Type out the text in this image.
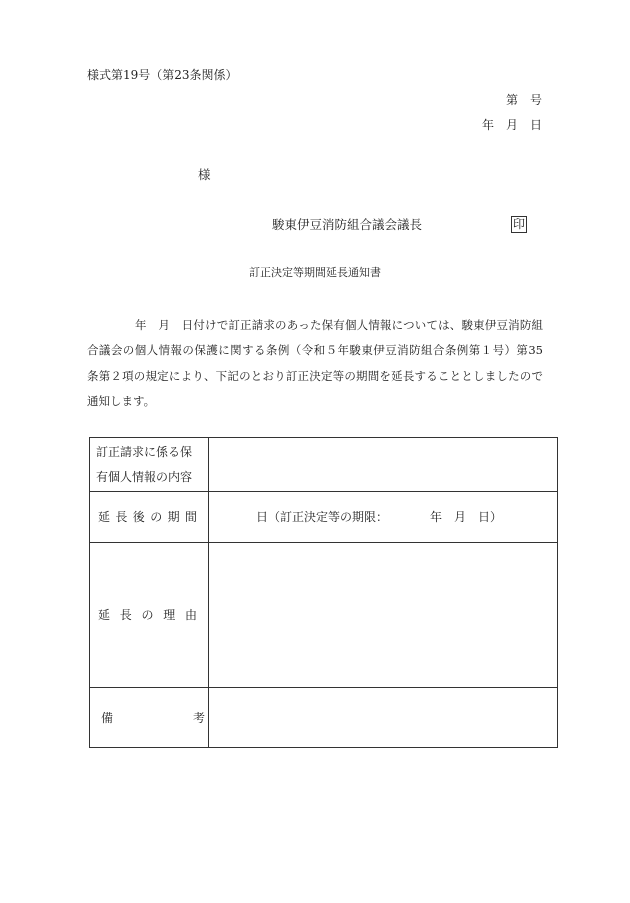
様式第19号（第23条関係）
第　号
年　月　日
様
駿東伊豆消防組合議会議長	印
訂正決定等期間延長通知書
年　月　日付けで訂正請求のあった保有個人情報については、駿東伊豆消防組
合議会の個人情報の保護に関する条例（令和５年駿東伊豆消防組合条例第１号）第35
条第２項の規定により、下記のとおり訂正決定等の期間を延長することとしましたので
通知します。
訂正請求に係る保
有個人情報の内容
延長後の期間	日（訂正決定等の期限：　　　　年　月　日）
延長の理由
備考
